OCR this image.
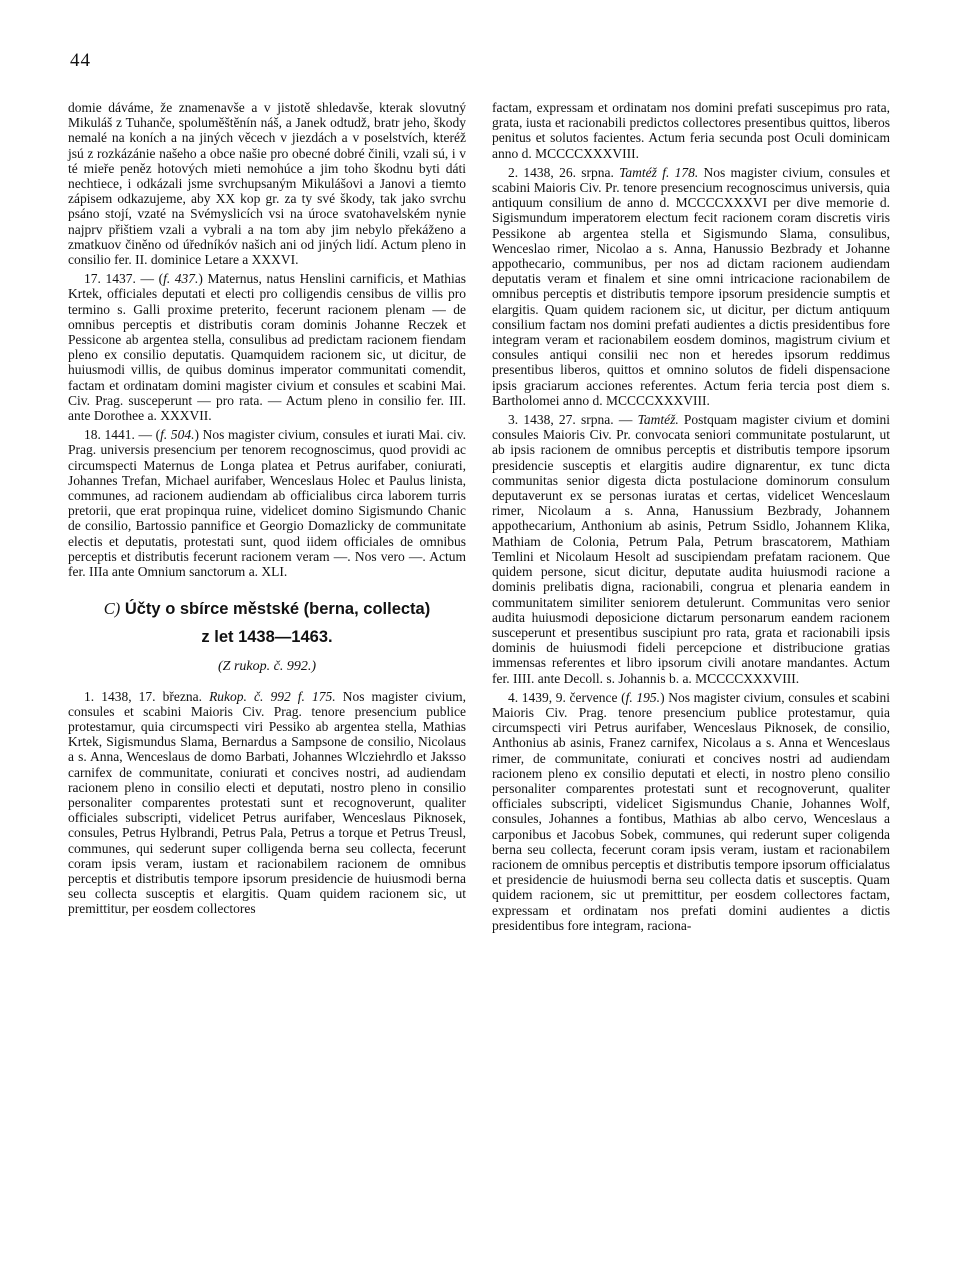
44

domie dáváme, že znamenavše a v jistotě shledavše, kterak slovutný Mikuláš z Tuhanče, spoluměštěnín náš, a Janek odtudž, bratr jeho, škody nemalé na koních a na jiných věcech v jiezdách a v poselstvích, kteréž jsú z rozkázánie našeho a obce našie pro obecné dobré činili, vzali sú, i v té mieře peněz hotových mieti nemohúce a jim toho škodnu byti dáti nechtiece, i odkázali jsme svrchupsaným Mikulášovi a Janovi a tiemto zápisem odkazujeme, aby XX kop gr. za ty své škody, tak jako svrchu psáno stojí, vzaté na Svémyslicích vsi na úroce svatohavelském nynie najprv přištiem vzali a vybrali a na tom aby jim nebylo překáženo a zmatkuov činěno od úředníkóv našich ani od jiných lidí. Actum pleno in consilio fer. II. dominice Letare a XXXVI.

17. 1437. — (f. 437.) Maternus, natus Henslini carnificis, et Mathias Krtek, officiales deputati et electi pro colligendis censibus de villis pro termino s. Galli proxime preterito, fecerunt racionem plenam — de omnibus perceptis et distributis coram dominis Johanne Reczek et Pessicone ab argentea stella, consulibus ad predictam racionem fiendam pleno ex consilio deputatis. Quamquidem racionem sic, ut dicitur, de huiusmodi villis, de quibus dominus imperator communitati comendit, factam et ordinatam domini magister civium et consules et scabini Mai. Civ. Prag. susceperunt — pro rata. — Actum pleno in consilio fer. III. ante Dorothee a. XXXVII.

18. 1441. — (f. 504.) Nos magister civium, consules et iurati Mai. civ. Prag. universis presencium per tenorem recognoscimus, quod providi ac circumspecti Maternus de Longa platea et Petrus aurifaber, coniurati, Johannes Trefan, Michael aurifaber, Wenceslaus Holec et Paulus linista, communes, ad racionem audiendam ab officialibus circa laborem turris pretorii, que erat propinqua ruine, videlicet domino Sigismundo Chanic de consilio, Bartossio pannifice et Georgio Domazlicky de communitate electis et deputatis, protestati sunt, quod iidem officiales de omnibus perceptis et distributis fecerunt racionem veram —. Nos vero —. Actum fer. IIIa ante Omnium sanctorum a. XLI.

C) Účty o sbírce městské (berna, collecta)
z let 1438—1463.
(Z rukop. č. 992.)

1. 1438, 17. března. Rukop. č. 992 f. 175. Nos magister civium, consules et scabini Maioris Civ. Prag. tenore presencium publice protestamur, quia circumspecti viri Pessiko ab argentea stella, Mathias Krtek, Sigismundus Slama, Bernardus a Sampsone de consilio, Nicolaus a s. Anna, Wenceslaus de domo Barbati, Johannes Wlcziehrdlo et Jaksso carnifex de communitate, coniurati et concives nostri, ad audiendam racionem pleno in consilio electi et deputati, nostro pleno in consilio personaliter comparentes protestati sunt et recognoverunt, qualiter officiales subscripti, videlicet Petrus aurifaber, Wenceslaus Piknosek, consules, Petrus Hylbrandi, Petrus Pala, Petrus a torque et Petrus Treusl, communes, qui sederunt super colligenda berna seu collecta, fecerunt coram ipsis veram, iustam et racionabilem racionem de omnibus perceptis et distributis tempore ipsorum presidencie de huiusmodi berna seu collecta susceptis et elargitis. Quam quidem racionem sic, ut premittitur, per eosdem collectores

factam, expressam et ordinatam nos domini prefati suscepimus pro rata, grata, iusta et racionabili predictos collectores presentibus quittos, liberos penitus et solutos facientes. Actum feria secunda post Oculi dominicam anno d. MCCCCXXXVIII.

2. 1438, 26. srpna. Tamtéž f. 178. Nos magister civium, consules et scabini Maioris Civ. Pr. tenore presencium recognoscimus universis, quia antiquum consilium de anno d. MCCCCXXXVI per dive memorie d. Sigismundum imperatorem electum fecit racionem coram discretis viris Pessikone ab argentea stella et Sigismundo Slama, consulibus, Wenceslao rimer, Nicolao a s. Anna, Hanussio Bezbrady et Johanne appothecario, communibus, per nos ad dictam racionem audiendam deputatis veram et finalem et sine omni intricacione racionabilem de omnibus perceptis et distributis tempore ipsorum presidencie sumptis et elargitis. Quam quidem racionem sic, ut dicitur, per dictum antiquum consilium factam nos domini prefati audientes a dictis presidentibus fore integram veram et racionabilem eosdem dominos, magistrum civium et consules antiqui consilii nec non et heredes ipsorum reddimus presentibus liberos, quittos et omnino solutos de fideli dispensacione ipsis graciarum acciones referentes. Actum feria tercia post diem s. Bartholomei anno d. MCCCCXXXVIII.

3. 1438, 27. srpna. — Tamtéž. Postquam magister civium et domini consules Maioris Civ. Pr. convocata seniori communitate postularunt, ut ab ipsis racionem de omnibus perceptis et distributis tempore ipsorum presidencie susceptis et elargitis audire dignarentur, ex tunc dicta communitas senior digesta dicta postulacione dominorum consulum deputaverunt ex se personas iuratas et certas, videlicet Wenceslaum rimer, Nicolaum a s. Anna, Hanussium Bezbrady, Johannem appothecarium, Anthonium ab asinis, Petrum Ssidlo, Johannem Klika, Mathiam de Colonia, Petrum Pala, Petrum brascatorem, Mathiam Temlini et Nicolaum Hesolt ad suscipiendam prefatam racionem. Que quidem persone, sicut dicitur, deputate audita huiusmodi racione a dominis prelibatis digna, racionabili, congrua et plenaria eandem in communitatem similiter seniorem detulerunt. Communitas vero senior audita huiusmodi deposicione dictarum personarum eandem racionem susceperunt et presentibus suscipiunt pro rata, grata et racionabili ipsis dominis de huiusmodi fideli percepcione et distribucione gratias immensas referentes et libro ipsorum civili anotare mandantes. Actum fer. IIII. ante Decoll. s. Johannis b. a. MCCCCXXXVIII.

4. 1439, 9. července (f. 195.) Nos magister civium, consules et scabini Maioris Civ. Prag. tenore presencium publice protestamur, quia circumspecti viri Petrus aurifaber, Wenceslaus Piknosek, de consilio, Anthonius ab asinis, Franez carnifex, Nicolaus a s. Anna et Wenceslaus rimer, de communitate, coniurati et concives nostri ad audiendam racionem pleno ex consilio deputati et electi, in nostro pleno consilio personaliter comparentes protestati sunt et recognoverunt, qualiter officiales subscripti, videlicet Sigismundus Chanie, Johannes Wolf, consules, Johannes a fontibus, Mathias ab albo cervo, Wenceslaus a carponibus et Jacobus Sobek, communes, qui rederunt super coligenda berna seu collecta, fecerunt coram ipsis veram, iustam et racionabilem racionem de omnibus perceptis et distributis tempore ipsorum officialatus et presidencie de huiusmodi berna seu collecta datis et susceptis. Quam quidem racionem, sic ut premittitur, per eosdem collectores factam, expressam et ordinatam nos prefati domini audientes a dictis presidentibus fore integram, raciona-
